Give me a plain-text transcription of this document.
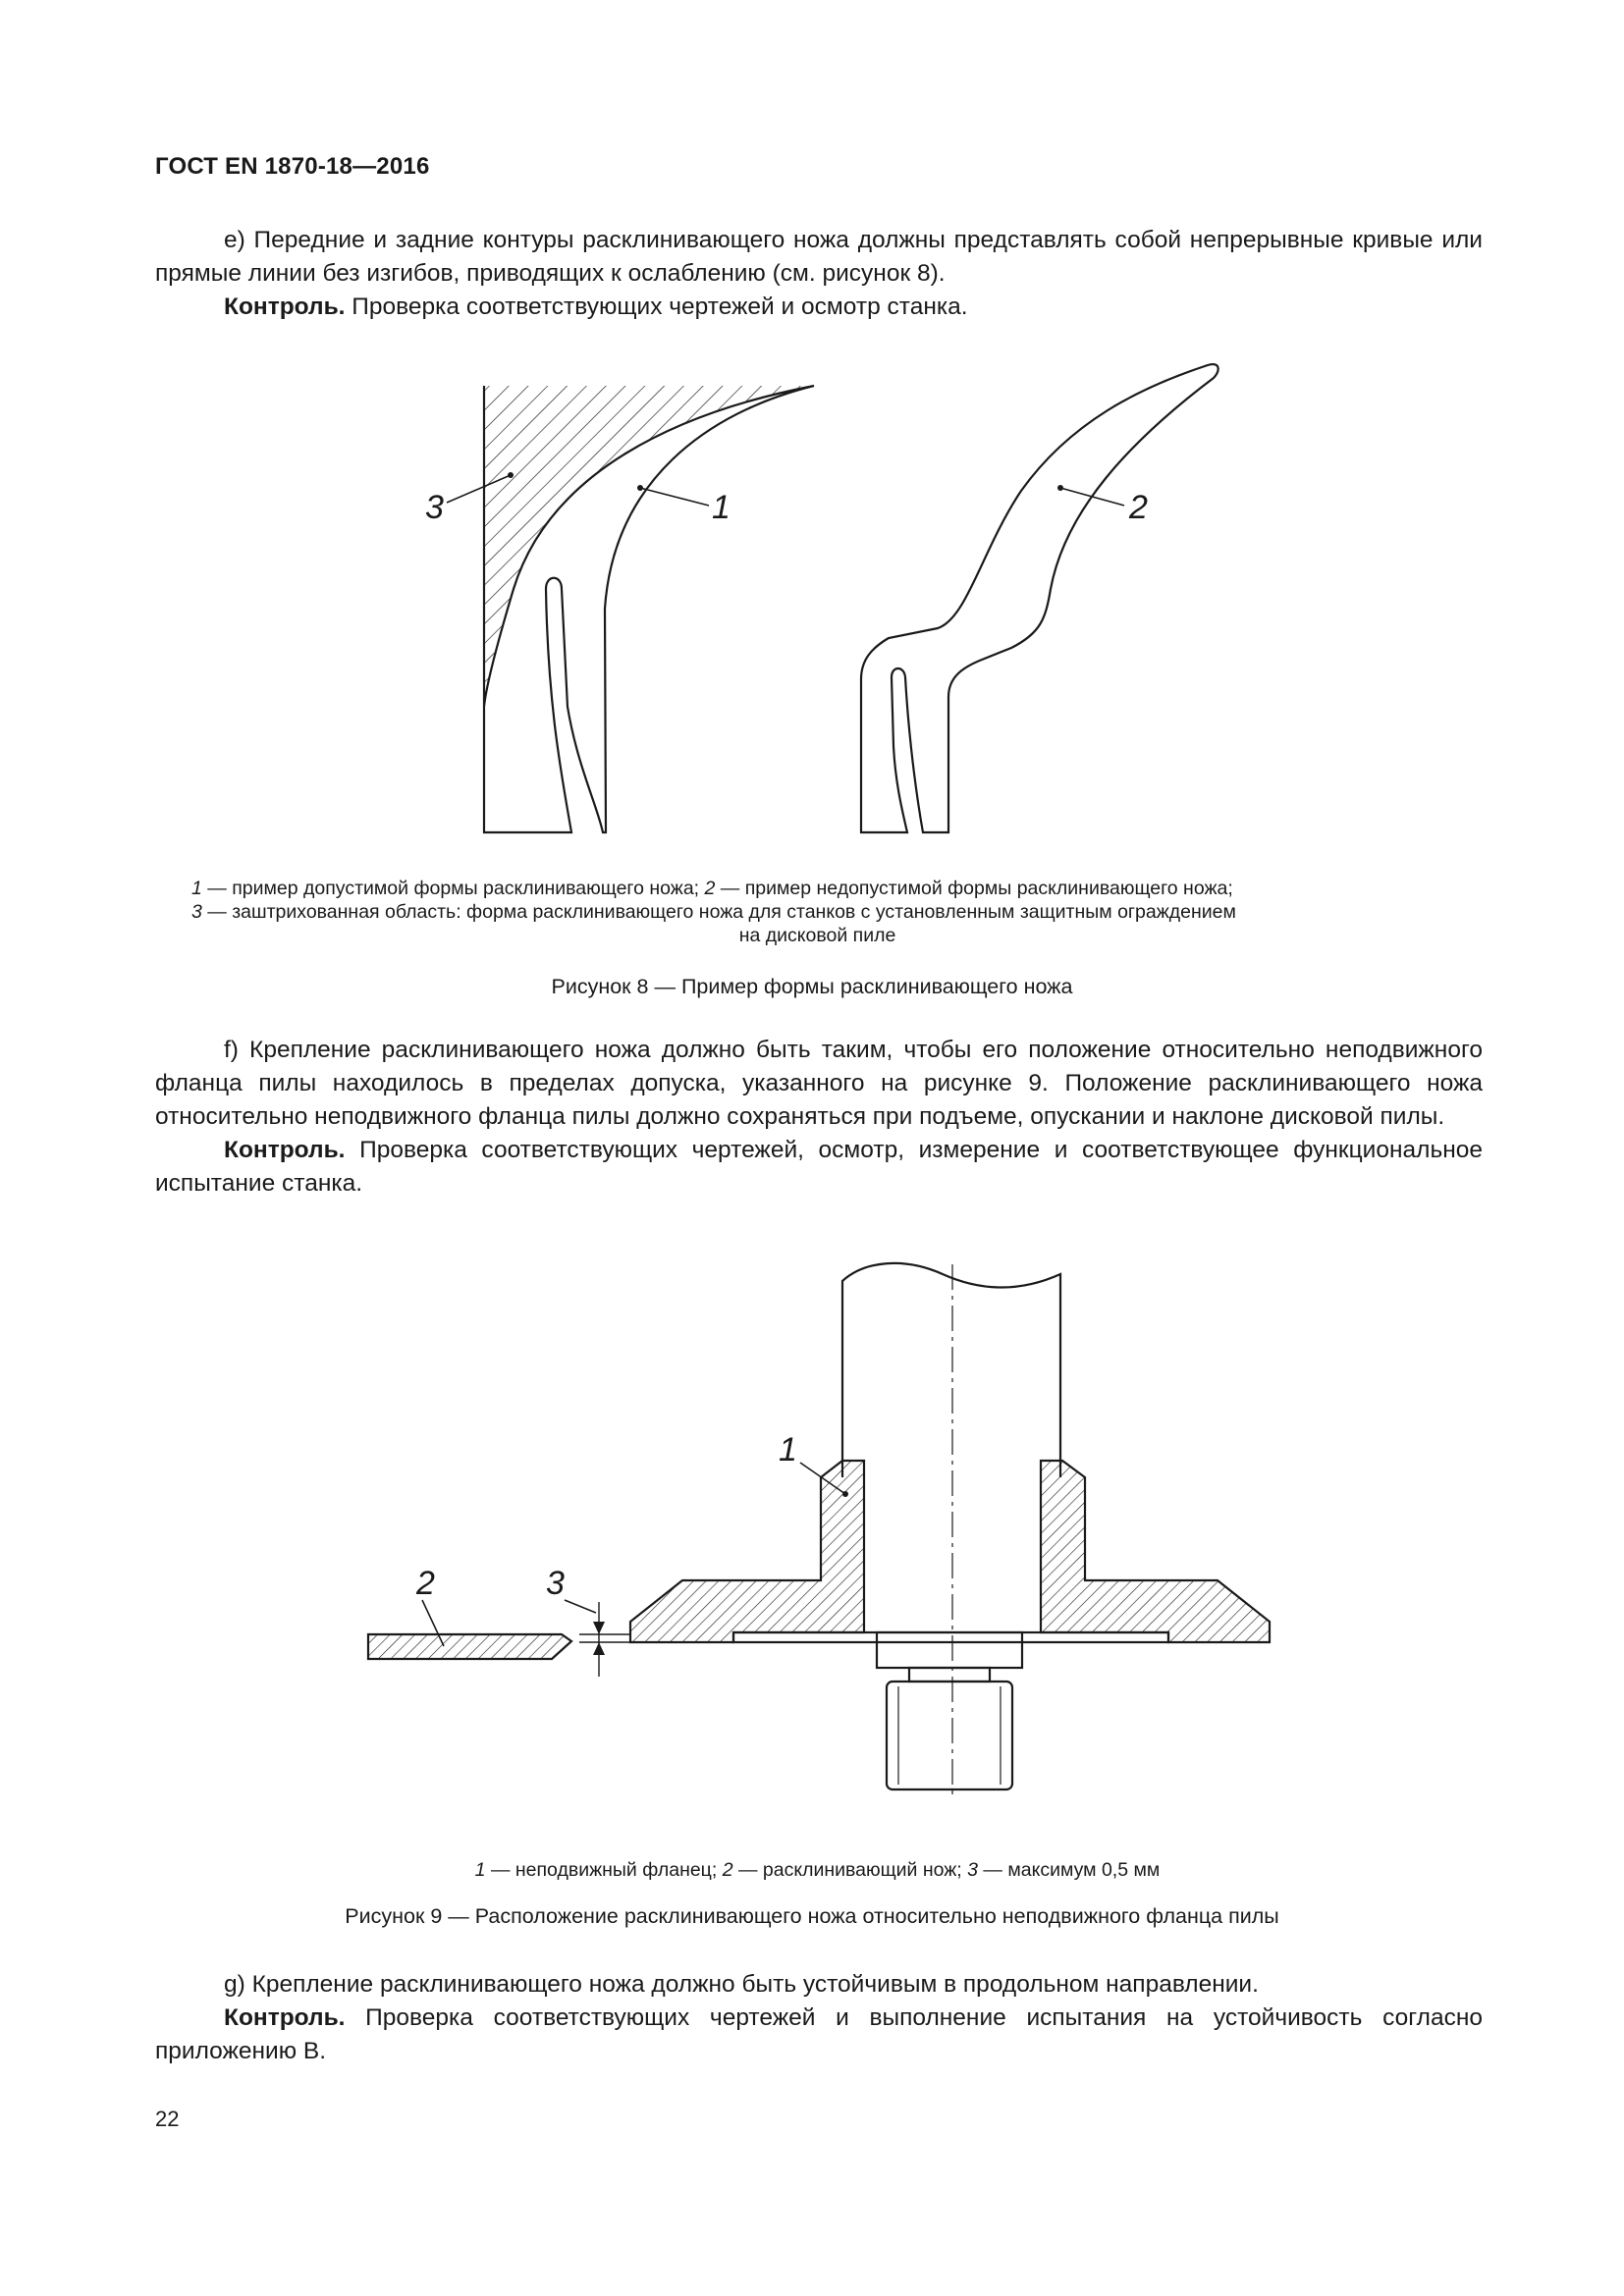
ГОСТ EN 1870-18—2016

e) Передние и задние контуры расклинивающего ножа должны представлять собой непрерывные кривые или прямые линии без изгибов, приводящих к ослаблению (см. рисунок 8).

Контроль. Проверка соответствующих чертежей и осмотр станка.

3	1	2

1 — пример допустимой формы расклинивающего ножа; 2 — пример недопустимой формы расклинивающего ножа;

3 — заштрихованная область: форма расклинивающего ножа для станков с установленным защитным ограждением

на дисковой пиле

Рисунок 8 — Пример формы расклинивающего ножа

f) Крепление расклинивающего ножа должно быть таким, чтобы его положение относительно неподвижного фланца пилы находилось в пределах допуска, указанного на рисунке 9. Положение расклинивающего ножа относительно неподвижного фланца пилы должно сохраняться при подъеме, опускании и наклоне дисковой пилы.

Контроль. Проверка соответствующих чертежей, осмотр, измерение и соответствующее функциональное испытание станка.

1
2	3

1 — неподвижный фланец; 2 — расклинивающий нож; 3 — максимум 0,5 мм

Рисунок 9 — Расположение расклинивающего ножа относительно неподвижного фланца пилы

g) Крепление расклинивающего ножа должно быть устойчивым в продольном направлении.

Контроль. Проверка соответствующих чертежей и выполнение испытания на устойчивость согласно приложению B.

22
